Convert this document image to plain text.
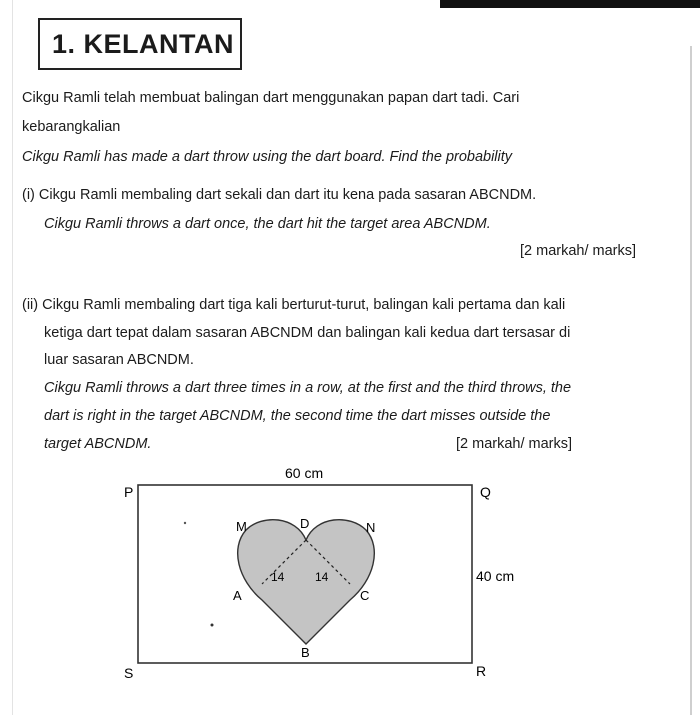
1. KELANTAN
Cikgu Ramli telah membuat balingan dart menggunakan papan dart tadi. Cari
kebarangkalian
Cikgu Ramli has made a dart throw using the dart board. Find the probability
(i) Cikgu Ramli membaling dart sekali dan dart itu kena pada sasaran ABCNDM.
Cikgu Ramli throws a dart once, the dart hit the target area ABCNDM.
[2 markah/ marks]
(ii) Cikgu Ramli membaling dart tiga kali berturut-turut, balingan kali pertama dan kali
ketiga dart tepat dalam sasaran ABCNDM dan balingan kali kedua dart tersasar di
luar sasaran ABCNDM.
Cikgu Ramli throws a dart three times in a row, at the first and the third throws, the
dart is right in the target ABCNDM, the second time the dart misses outside the
target ABCNDM.	[2 markah/ marks]
60 cm
P	Q
40 cm
R
S
M	D	N
A	C
B
14	14
